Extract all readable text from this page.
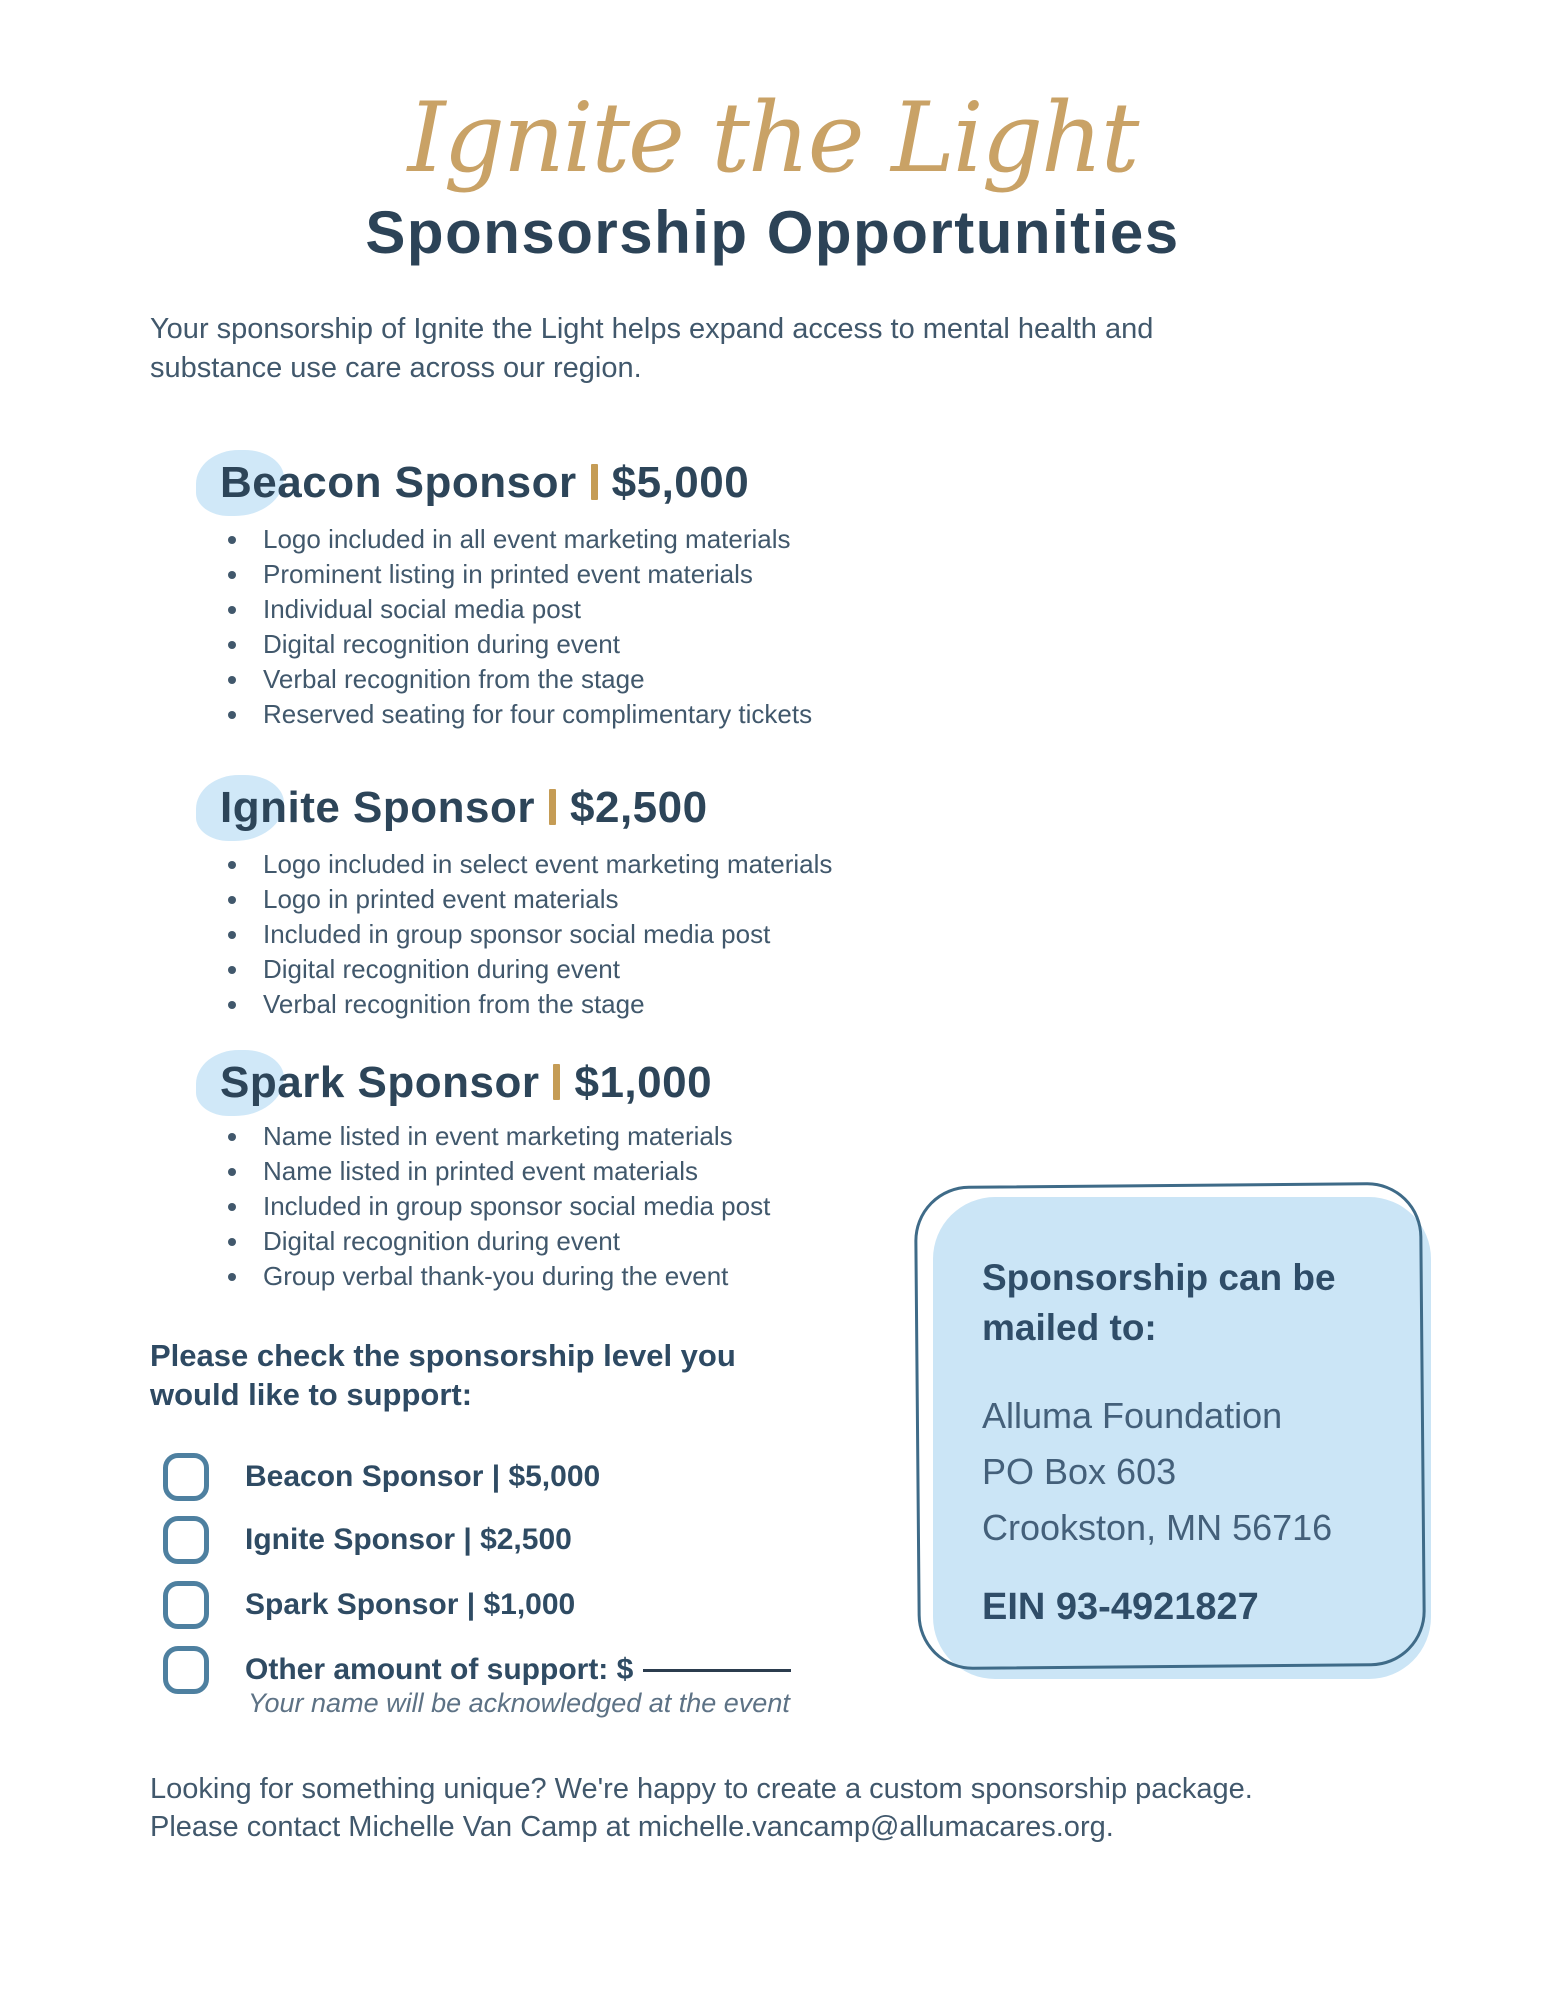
Ignite the Light
Sponsorship Opportunities
Your sponsorship of Ignite the Light helps expand access to mental health and
substance use care across our region.
Beacon Sponsor $5,000
Logo included in all event marketing materials
Prominent listing in printed event materials
Individual social media post
Digital recognition during event
Verbal recognition from the stage
Reserved seating for four complimentary tickets
Ignite Sponsor $2,500
Logo included in select event marketing materials
Logo in printed event materials
Included in group sponsor social media post
Digital recognition during event
Verbal recognition from the stage
Spark Sponsor $1,000
Name listed in event marketing materials
Name listed in printed event materials
Included in group sponsor social media post
Digital recognition during event
Group verbal thank-you during the event
Please check the sponsorship level you
would like to support:
Beacon Sponsor | $5,000
Ignite Sponsor | $2,500
Spark Sponsor | $1,000
Other amount of support: $
Your name will be acknowledged at the event
Sponsorship can be mailed to:
Alluma Foundation
PO Box 603
Crookston, MN 56716
EIN 93-4921827
Looking for something unique? We're happy to create a custom sponsorship package.
Please contact Michelle Van Camp at michelle.vancamp@allumacares.org.
